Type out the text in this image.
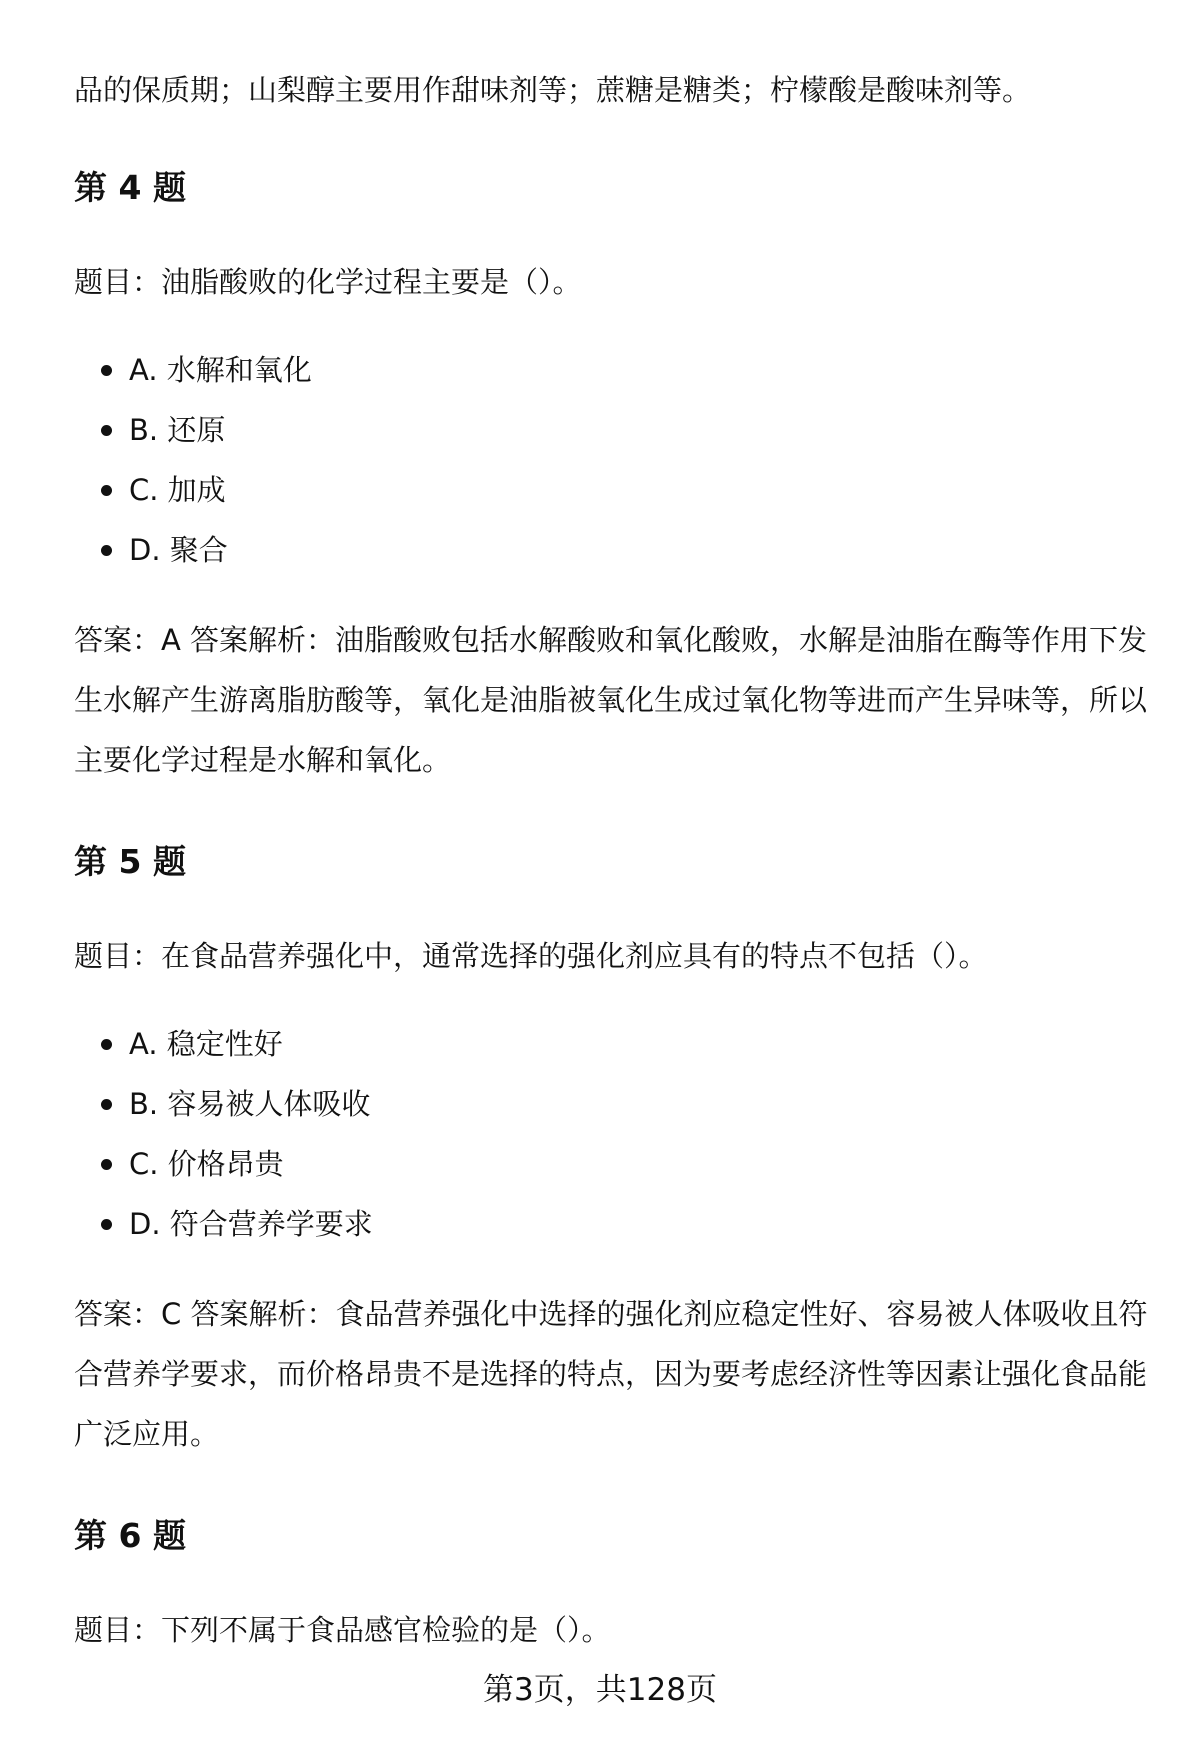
品的保质期；山梨醇主要用作甜味剂等；蔗糖是糖类；柠檬酸是酸味剂等。

第 4 题

题目：油脂酸败的化学过程主要是（）。

A. 水解和氧化
B. 还原
C. 加成
D. 聚合

答案：A 答案解析：油脂酸败包括水解酸败和氧化酸败，水解是油脂在酶等作用下发生水解产生游离脂肪酸等，氧化是油脂被氧化生成过氧化物等进而产生异味等，所以主要化学过程是水解和氧化。

第 5 题

题目：在食品营养强化中，通常选择的强化剂应具有的特点不包括（）。

A. 稳定性好
B. 容易被人体吸收
C. 价格昂贵
D. 符合营养学要求

答案：C 答案解析：食品营养强化中选择的强化剂应稳定性好、容易被人体吸收且符合营养学要求，而价格昂贵不是选择的特点，因为要考虑经济性等因素让强化食品能广泛应用。

第 6 题

题目：下列不属于食品感官检验的是（）。

第3页，共128页
